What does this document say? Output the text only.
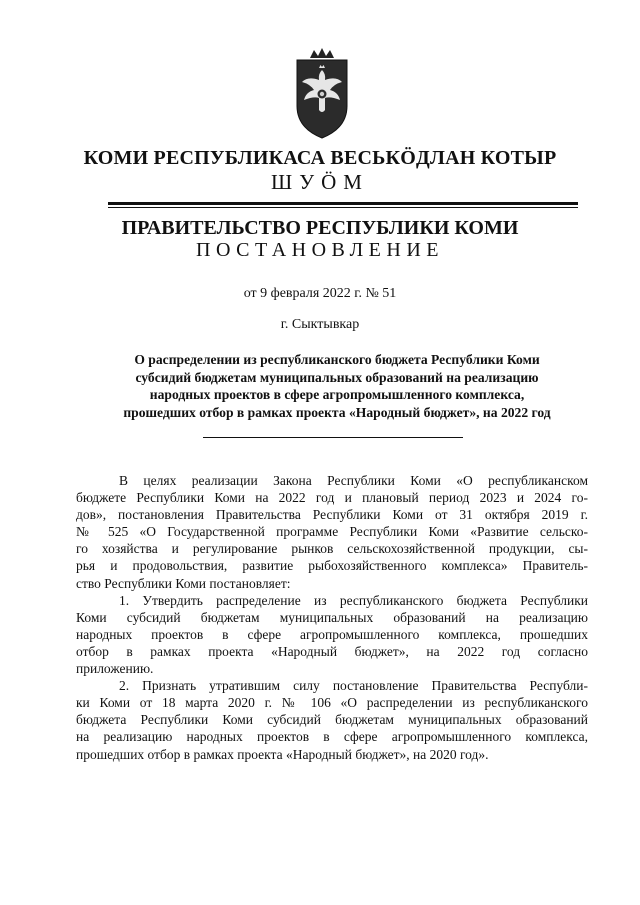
КОМИ РЕСПУБЛИКАСА ВЕСЬКӦДЛАН КОТЫР
ШУӦМ
ПРАВИТЕЛЬСТВО РЕСПУБЛИКИ КОМИ
ПОСТАНОВЛЕНИЕ
от 9 февраля 2022 г. № 51
г. Сыктывкар
О распределении из республиканского бюджета Республики Коми
субсидий бюджетам муниципальных образований на реализацию
народных проектов в сфере агропромышленного комплекса,
прошедших отбор в рамках проекта «Народный бюджет», на 2022 год

В целях реализации Закона Республики Коми «О республиканском

бюджете Республики Коми на 2022 год и плановый период 2023 и 2024 го-

дов», постановления Правительства Республики Коми от 31 октября 2019 г.

№ 525 «О Государственной программе Республики Коми «Развитие сельско-

го хозяйства и регулирование рынков сельскохозяйственной продукции, сы-

рья и продовольствия, развитие рыбохозяйственного комплекса» Правитель-

ство Республики Коми постановляет:

1. Утвердить распределение из республиканского бюджета Республики

Коми субсидий бюджетам муниципальных образований на реализацию

народных проектов в сфере агропромышленного комплекса, прошедших

отбор в рамках проекта «Народный бюджет», на 2022 год согласно

приложению.

2. Признать утратившим силу постановление Правительства Республи-

ки Коми от 18 марта 2020 г. № 106 «О распределении из республиканского

бюджета Республики Коми субсидий бюджетам муниципальных образований

на реализацию народных проектов в сфере агропромышленного комплекса,

прошедших отбор в рамках проекта «Народный бюджет», на 2020 год».
